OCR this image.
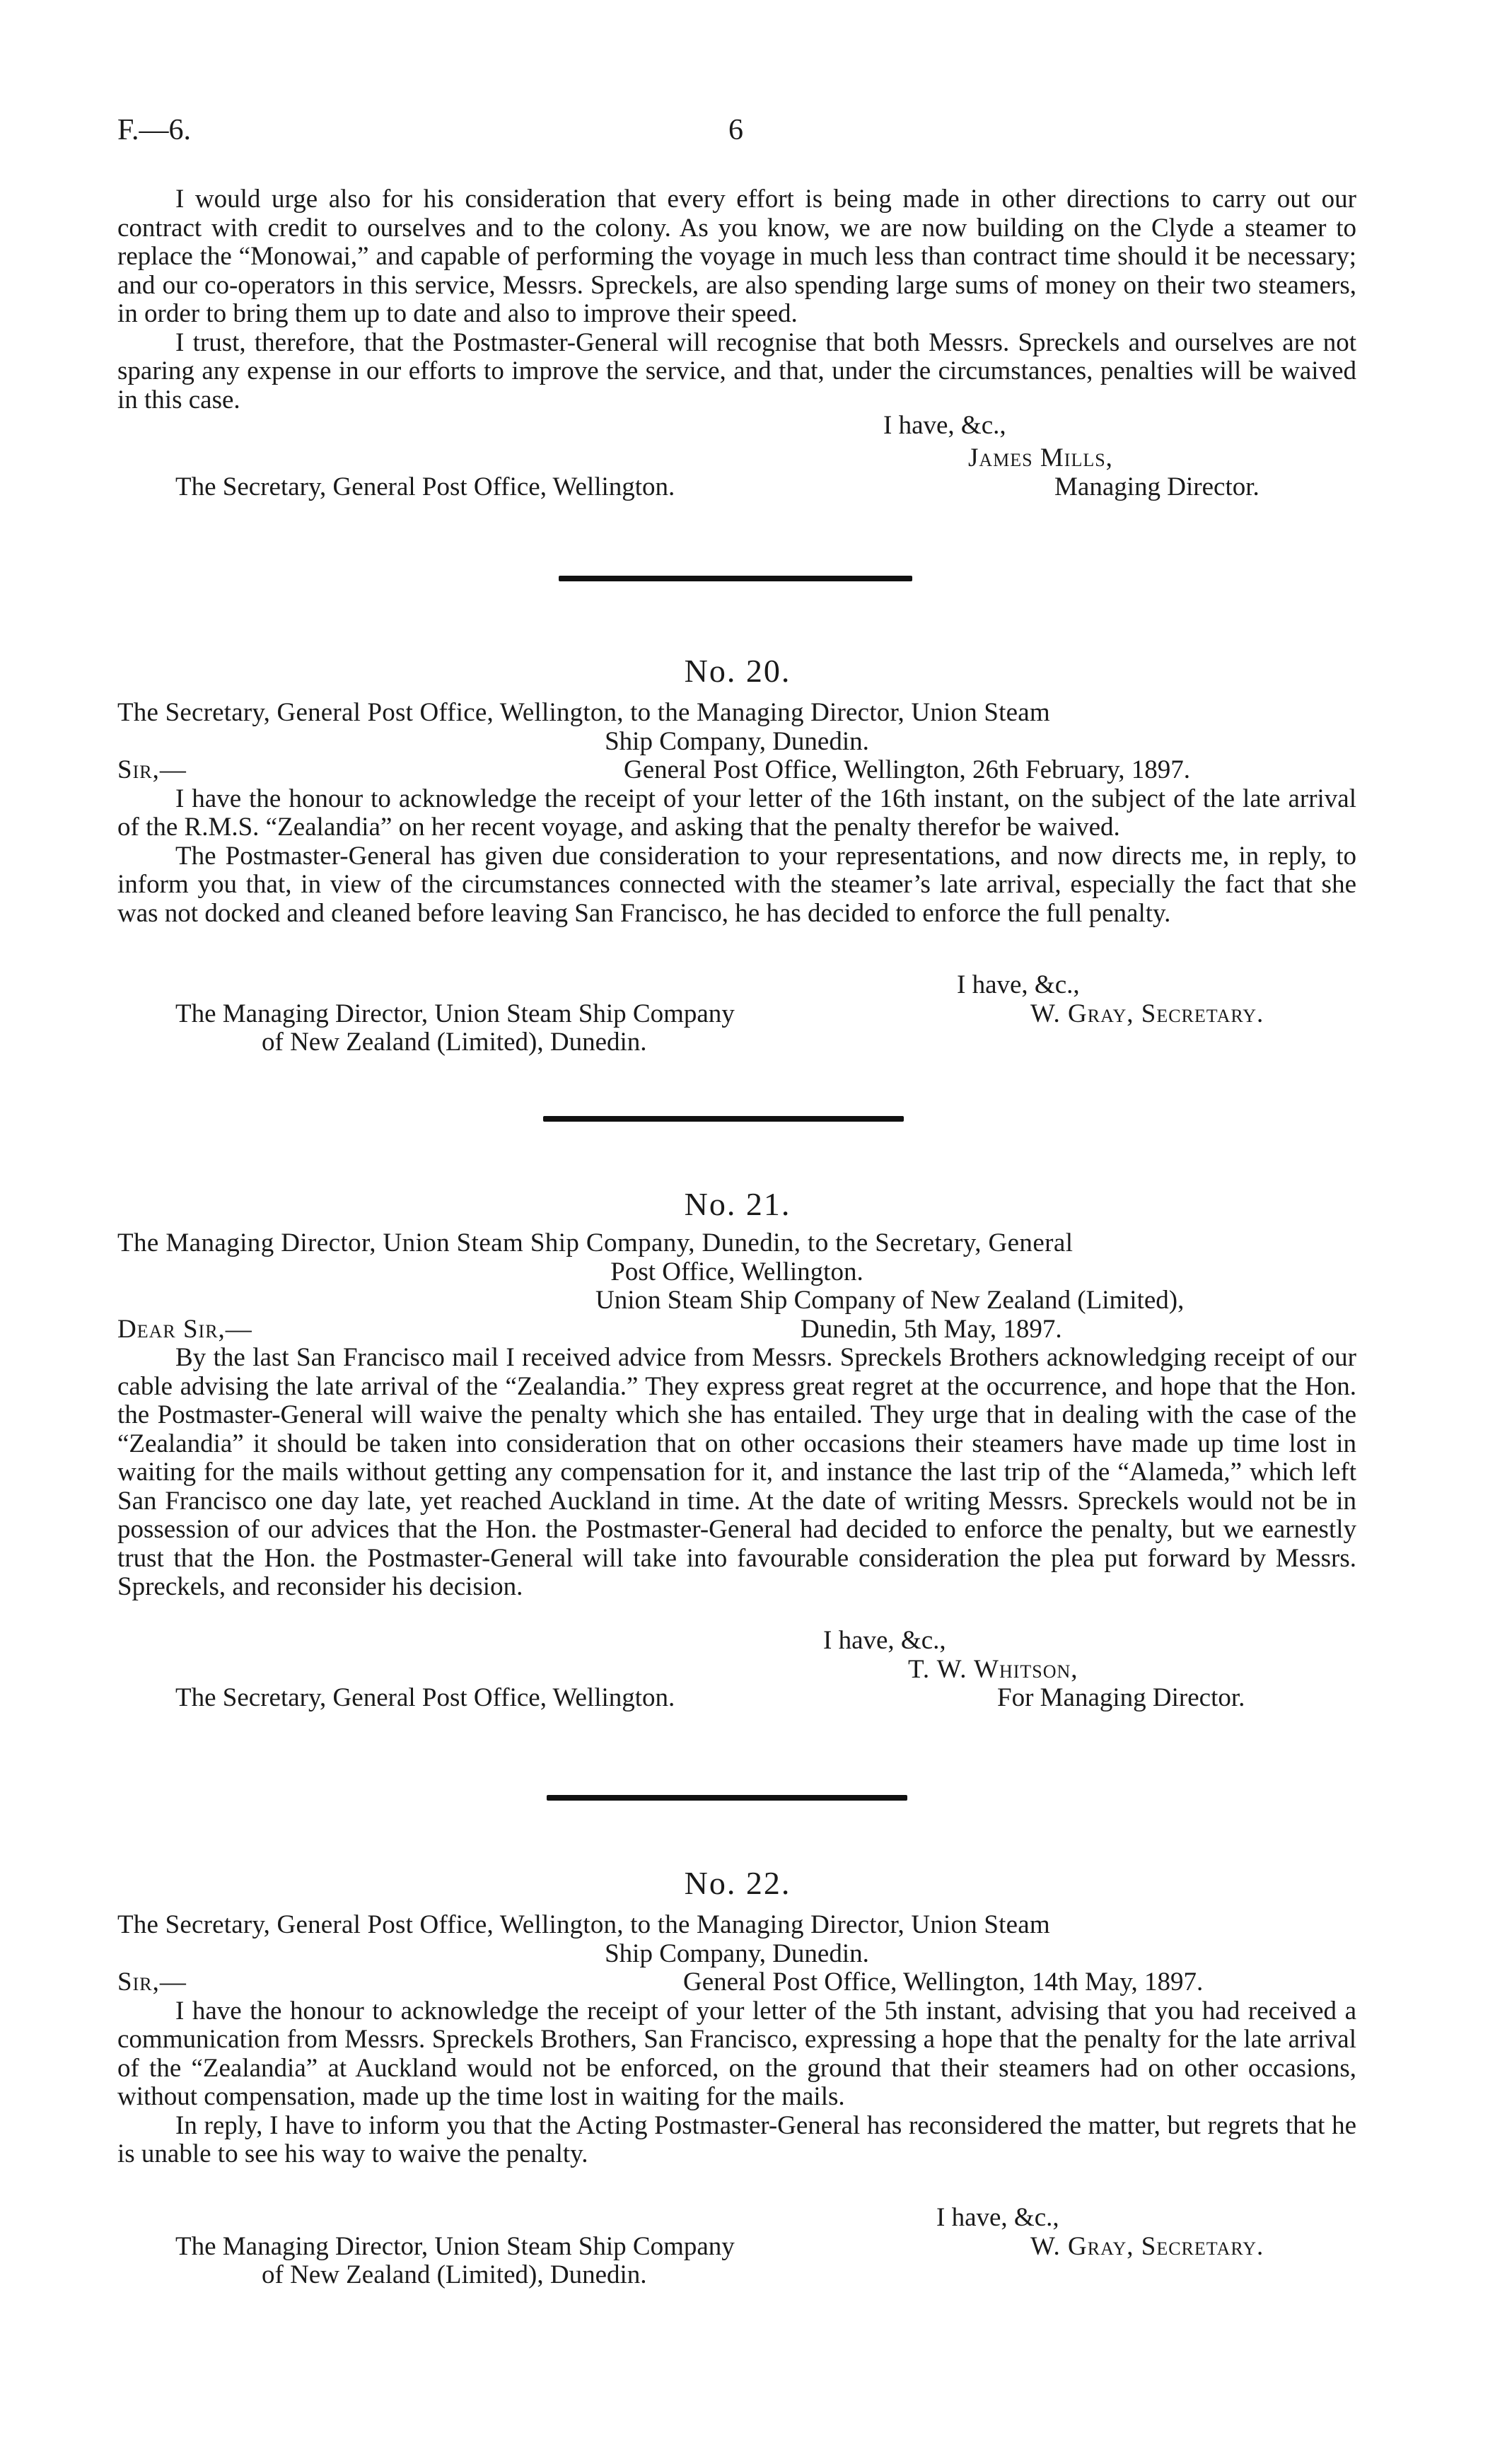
F.—6.	6

I would urge also for his consideration that every effort is being made in other directions to carry out our contract with credit to ourselves and to the colony. As you know, we are now building on the Clyde a steamer to replace the “Monowai,” and capable of performing the voyage in much less than contract time should it be necessary; and our co-operators in this service, Messrs. Spreckels, are also spending large sums of money on their two steamers, in order to bring them up to date and also to improve their speed.

I trust, therefore, that the Postmaster-General will recognise that both Messrs. Spreckels and ourselves are not sparing any expense in our efforts to improve the service, and that, under the circumstances, penalties will be waived in this case.

I have, &c.,
James Mills,
The Secretary, General Post Office, Wellington.	Managing Director.
No. 20.

The Secretary, General Post Office, Wellington, to the Managing Director, Union Steam

Ship Company, Dunedin.

Sir,—	General Post Office, Wellington, 26th February, 1897.

I have the honour to acknowledge the receipt of your letter of the 16th instant, on the subject of the late arrival of the R.M.S. “Zealandia” on her recent voyage, and asking that the penalty therefor be waived.

The Postmaster-General has given due consideration to your representations, and now directs me, in reply, to inform you that, in view of the circumstances connected with the steamer’s late arrival, especially the fact that she was not docked and cleaned before leaving San Francisco, he has decided to enforce the full penalty.

I have, &c.,
The Managing Director, Union Steam Ship Company	W. Gray, Secretary.
of New Zealand (Limited), Dunedin.
No. 21.

The Managing Director, Union Steam Ship Company, Dunedin, to the Secretary, General

Post Office, Wellington.

Union Steam Ship Company of New Zealand (Limited),
Dear Sir,—	Dunedin, 5th May, 1897.

By the last San Francisco mail I received advice from Messrs. Spreckels Brothers acknowledging receipt of our cable advising the late arrival of the “Zealandia.” They express great regret at the occurrence, and hope that the Hon. the Postmaster-General will waive the penalty which she has entailed. They urge that in dealing with the case of the “Zealandia” it should be taken into consideration that on other occasions their steamers have made up time lost in waiting for the mails without getting any compensation for it, and instance the last trip of the “Alameda,” which left San Francisco one day late, yet reached Auckland in time. At the date of writing Messrs. Spreckels would not be in possession of our advices that the Hon. the Postmaster-General had decided to enforce the penalty, but we earnestly trust that the Hon. the Postmaster-General will take into favourable consideration the plea put forward by Messrs. Spreckels, and reconsider his decision.

I have, &c.,
T. W. Whitson,
The Secretary, General Post Office, Wellington.	For Managing Director.
No. 22.

The Secretary, General Post Office, Wellington, to the Managing Director, Union Steam

Ship Company, Dunedin.

Sir,—	General Post Office, Wellington, 14th May, 1897.

I have the honour to acknowledge the receipt of your letter of the 5th instant, advising that you had received a communication from Messrs. Spreckels Brothers, San Francisco, expressing a hope that the penalty for the late arrival of the “Zealandia” at Auckland would not be enforced, on the ground that their steamers had on other occasions, without compensation, made up the time lost in waiting for the mails.

In reply, I have to inform you that the Acting Postmaster-General has reconsidered the matter, but regrets that he is unable to see his way to waive the penalty.

I have, &c.,
The Managing Director, Union Steam Ship Company	W. Gray, Secretary.
of New Zealand (Limited), Dunedin.
